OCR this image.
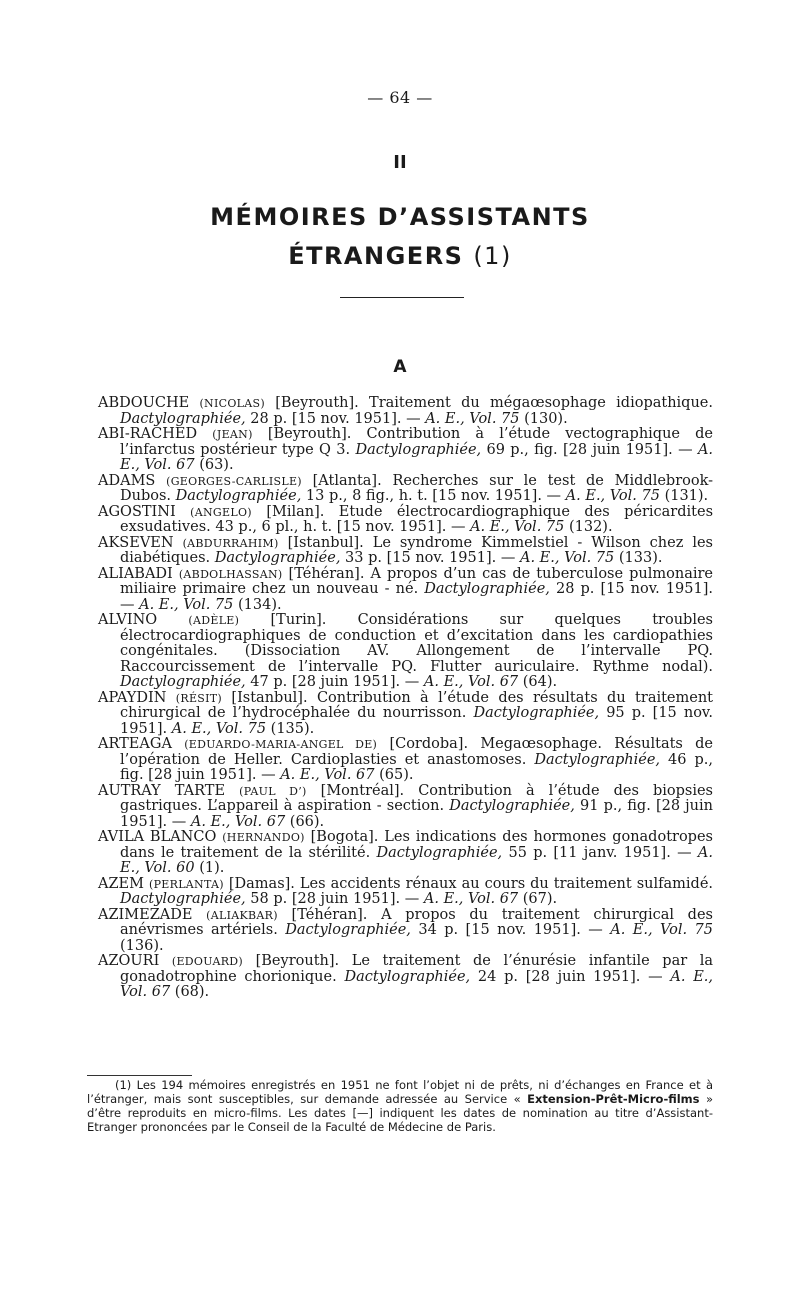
— 64 —
II
MÉMOIRES D’ASSISTANTS
ÉTRANGERS (1)
A

ABDOUCHE (NICOLAS) [Beyrouth]. Traitement du mégaœsophage idiopathique. Dactylographiée, 28 p. [15 nov. 1951]. — A. E., Vol. 75 (130).

ABI-RACHED (JEAN) [Beyrouth]. Contribution à l’étude vectographique de l’infarctus postérieur type Q 3. Dactylographiée, 69 p., fig. [28 juin 1951]. — A. E., Vol. 67 (63).

ADAMS (GEORGES-CARLISLE) [Atlanta]. Recherches sur le test de Middlebrook-Dubos. Dactylographiée, 13 p., 8 fig., h. t. [15 nov. 1951]. — A. E., Vol. 75 (131).

AGOSTINI (ANGELO) [Milan]. Etude électrocardiographique des péricardites exsudatives. 43 p., 6 pl., h. t. [15 nov. 1951]. — A. E., Vol. 75 (132).

AKSEVEN (ABDURRAHIM) [Istanbul]. Le syndrome Kimmelstiel - Wilson chez les diabétiques. Dactylographiée, 33 p. [15 nov. 1951]. — A. E., Vol. 75 (133).

ALIABADI (ABDOLHASSAN) [Téhéran]. A propos d’un cas de tuberculose pulmonaire miliaire primaire chez un nouveau - né. Dactylographiée, 28 p. [15 nov. 1951]. — A. E., Vol. 75 (134).

ALVINO	(ADÈLE) [Turin]. Considérations sur quelques troubles électrocardiographiques de conduction et d’excitation dans les cardiopathies congénitales. (Dissociation AV. Allongement de l’intervalle PQ. Raccourcissement de l’intervalle PQ. Flutter auriculaire. Rythme nodal). Dactylographiée, 47 p. [28 juin 1951]. — A. E., Vol. 67 (64).

APAYDIN (RÉSIT) [Istanbul]. Contribution à l’étude des résultats du traitement chirurgical de l’hydrocéphalée du nourrisson. Dactylographiée, 95 p. [15 nov. 1951]. A. E., Vol. 75 (135).

ARTEAGA (EDUARDO-MARIA-ANGEL DE) [Cordoba]. Megaœsophage. Résultats de l’opération de Heller. Cardioplasties et anastomoses. Dactylographiée, 46 p., fig. [28 juin 1951]. — A. E., Vol. 67 (65).

AUTRAY TARTE (PAUL D’) [Montréal]. Contribution à l’étude des biopsies gastriques. L’appareil à aspiration - section. Dactylographiée, 91 p., fig. [28 juin 1951]. — A. E., Vol. 67 (66).

AVILA BLANCO (HERNANDO) [Bogota]. Les indications des hormones gonadotropes dans le traitement de la stérilité. Dactylographiée, 55 p. [11 janv. 1951]. — A. E., Vol. 60 (1).

AZEM (PERLANTA) [Damas]. Les accidents rénaux au cours du traitement sulfamidé. Dactylographiée, 58 p. [28 juin 1951]. — A. E., Vol. 67 (67).

AZIMEZADE (ALIAKBAR) [Téhéran]. A propos du traitement chirurgical des anévrismes artériels. Dactylographiée, 34 p. [15 nov. 1951]. — A. E., Vol. 75 (136).

AZOURI (EDOUARD) [Beyrouth]. Le traitement de l’énurésie infantile par la gonadotrophine chorionique. Dactylographiée, 24 p. [28 juin 1951]. — A. E., Vol. 67 (68).

(1) Les 194 mémoires enregistrés en 1951 ne font l’objet ni de prêts, ni d’échanges en France et à l’étranger, mais sont susceptibles, sur demande adressée au Service « Extension-Prêt-Micro-films » d’être reproduits en micro-films. Les dates [—] indiquent les dates de nomination au titre d’Assistant-Etranger prononcées par le Conseil de la Faculté de Médecine de Paris.
